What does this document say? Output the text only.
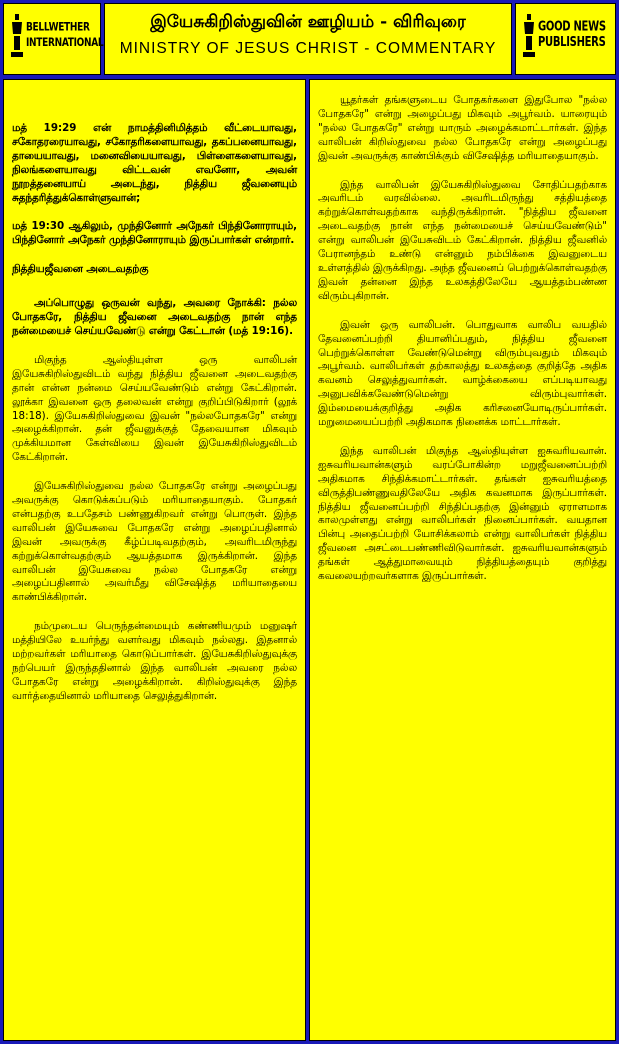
BELLWETHER
INTERNATIONAL
இயேசுகிறிஸ்துவின் ஊழியம் - விரிவுரை
MINISTRY OF JESUS CHRIST - COMMENTARY
GOOD NEWS
PUBLISHERS

மத் 19:29 என் நாமத்தினிமித்தம் வீட்டையாவது, சகோதரரையாவது, சகோதரிகளையாவது, தகப்பனையாவது, தாயையாவது, மனைவியையாவது, பிள்ளைகளையாவது, நிலங்களையாவது விட்டவன் எவனோ, அவன் நூறத்தனையாய் அடைந்து, நித்திய ஜீவனையும் சுதந்தரித்துக்கொள்ளுவான்;

மத் 19:30 ஆகிலும், முந்தினோர் அநேகர் பிந்தினோராயும், பிந்தினோர் அநேகர் முந்தினோராயும் இருப்பார்கள் என்றார்.

நித்தியஜீவனை அடைவதற்கு

அப்பொழுது ஒருவன் வந்து, அவரை நோக்கி: நல்ல போதகரே, நித்திய ஜீவனை அடைவதற்கு நான் எந்த நன்மையைச் செய்யவேண்டு என்று கேட்டான் (மத் 19:16).

மிகுந்த ஆஸ்தியுள்ள ஒரு வாலிபன் இயேசுகிறிஸ்துவிடம் வந்து நித்திய ஜீவனை அடைவதற்கு தான் என்ன நன்மை செய்யவேண்டும் என்று கேட்கிறான். லூக்கா இவனை ஒரு தலைவன் என்று குறிப்பிடுகிறார் (லூக் 18:18). இயேசுகிறிஸ்துவை இவன் "நல்லபோதகரே" என்று அழைக்கிறான். தன் ஜீவனுக்குத் தேவையான மிகவும் முக்கியமான கேள்வியை இவன் இயேசுகிறிஸ்துவிடம் கேட்கிறான்.

இயேசுகிறிஸ்துவை நல்ல போதகரே என்று அழைப்பது அவருக்கு கொடுக்கப்படும் மரியாதையாகும். போதகர் என்பதற்கு உபதேசம் பண்ணுகிறவர் என்று பொருள். இந்த வாலிபன் இயேசுவை போதகரே என்று அழைப்பதினால் இவன் அவருக்கு கீழ்ப்படிவதற்கும், அவரிடமிருந்து கற்றுக்கொள்வதற்கும் ஆயத்தமாக இருக்கிறான். இந்த வாலிபன் இயேசுவை நல்ல போதகரே என்று அழைப்பதினால் அவர்மீது விசேஷித்த மரியாதையை காண்பிக்கிறான்.

நம்முடைய பெருந்தன்மையும் கண்ணியமும் மனுஷர் மத்தியிலே உயர்ந்து வளர்வது மிகவும் நல்லது. இதனால் மற்றவர்கள் மரியாதை கொடுப்பார்கள். இயேசுகிறிஸ்துவுக்கு நற்பெயர் இருந்ததினால் இந்த வாலிபன் அவரை நல்ல போதகரே என்று அழைக்கிறான். கிறிஸ்துவுக்கு இந்த வார்த்தையினால் மரியாதை செலுத்துகிறான்.

யூதர்கள் தங்களுடைய போதகர்களை இதுபோல "நல்ல போதகரே" என்று அழைப்பது மிகவும் அபூர்வம். யாரையும் "நல்ல போதகரே" என்று யாரும் அழைக்கமாட்டார்கள். இந்த வாலிபன் கிறிஸ்துவை நல்ல போதகரே என்று அழைப்பது இவன் அவருக்கு காண்பிக்கும் விசேஷித்த மரியாதையாகும்.

இந்த வாலிபன் இயேசுகிறிஸ்துவை சோதிப்பதற்காக அவரிடம் வரவில்லை. அவரிடமிருந்து சத்தியத்தை கற்றுக்கொள்வதற்காக வந்திருக்கிறான். "நித்திய ஜீவனை அடைவதற்கு நான் எந்த நன்மையைச் செய்யவேண்டும்" என்று வாலிபன் இயேசுவிடம் கேட்கிறான். நித்திய ஜீவனில் பேரானந்தம் உண்டு என்னும் நம்பிக்கை இவனுடைய உள்ளத்தில் இருக்கிறது. அந்த ஜீவனைப் பெற்றுக்கொள்வதற்கு இவன் தன்னை இந்த உலகத்திலேயே ஆயத்தம்பண்ண விரும்புகிறான்.

இவன் ஒரு வாலிபன். பொதுவாக வாலிப வயதில் தேவனைப்பற்றி தியானிப்பதும், நித்திய ஜீவனை பெற்றுக்கொள்ள வேண்டுமென்று விரும்புவதும் மிகவும் அபூர்வம். வாலிபர்கள் தற்காலத்து உலகத்தை குறித்தே அதிக கவனம் செலுத்துவார்கள். வாழ்க்கையை எப்படியாவது அனுபவிக்கவேண்டுமென்று விரும்புவார்கள். இம்மையைக்குறித்து அதிக கரிசனையோடிருப்பார்கள். மறுமையைப்பற்றி அதிகமாக நினைக்க மாட்டார்கள்.

இந்த வாலிபன் மிகுந்த ஆஸ்தியுள்ள ஐசுவரியவான். ஐசுவரியவான்களும் வரப்போகின்ற மறுஜீவனைப்பற்றி அதிகமாக சிந்திக்கமாட்டார்கள். தங்கள் ஐசுவரியத்தை விருத்திபண்ணுவதிலேயே அதிக கவனமாக இருப்பார்கள். நித்திய ஜீவனைப்பற்றி சிந்திப்பதற்கு இன்னும் ஏராளமாக காலமுள்ளது என்று வாலிபர்கள் நினைப்பார்கள். வயதான பின்பு அதைப்பற்றி யோசிக்கலாம் என்று வாலிபர்கள் நித்திய ஜீவனை அசட்டைபண்ணிவிடுவார்கள். ஐசுவரியவான்களும் தங்கள் ஆத்துமாவையும் நித்தியத்தையும் குறித்து கவலையற்றவர்களாக இருப்பார்கள்.
